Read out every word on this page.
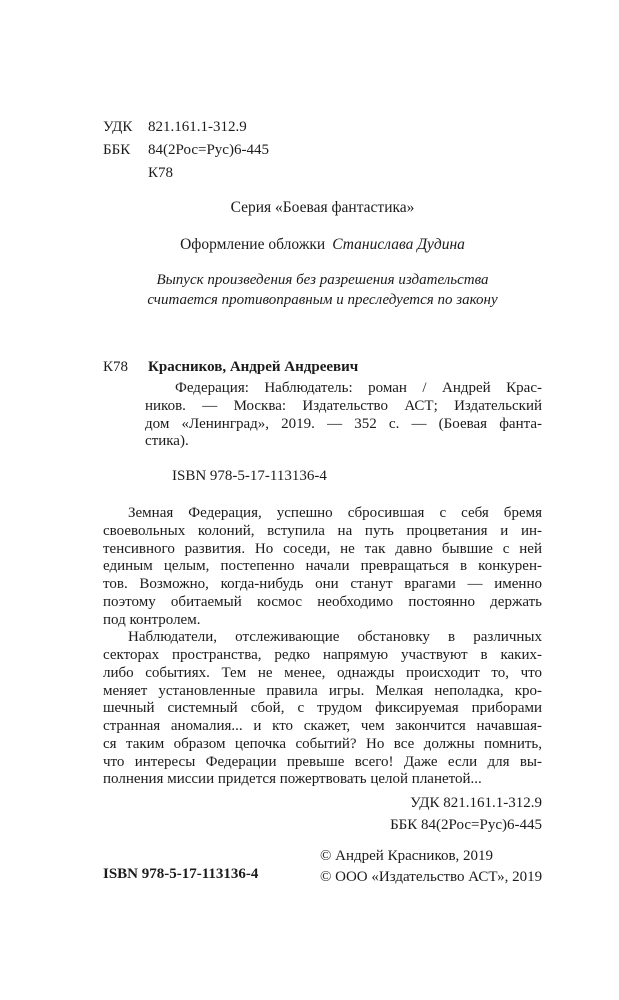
УДК	821.161.1-312.9
ББК	84(2Рос=Рус)6-445
К78
Серия «Боевая фантастика»
Оформление обложки Станислава Дудина
Выпуск произведения без разрешения издательства
считается противоправным и преследуется по закону
К78	Красников, Андрей Андреевич
Федерация: Наблюдатель: роман / Андрей Крас-
ников. — Москва: Издательство АСТ; Издательский
дом «Ленинград», 2019. — 352 с. — (Боевая фанта-
стика).
ISBN 978-5-17-113136-4
Земная Федерация, успешно сбросившая с себя бремя
своевольных колоний, вступила на путь процветания и ин-
тенсивного развития. Но соседи, не так давно бывшие с ней
единым целым, постепенно начали превращаться в конкурен-
тов. Возможно, когда-нибудь они станут врагами — именно
поэтому обитаемый космос необходимо постоянно держать
под контролем.
Наблюдатели, отслеживающие обстановку в различных
секторах пространства, редко напрямую участвуют в каких-
либо событиях. Тем не менее, однажды происходит то, что
меняет установленные правила игры. Мелкая неполадка, кро-
шечный системный сбой, с трудом фиксируемая приборами
странная аномалия... и кто скажет, чем закончится начавшая-
ся таким образом цепочка событий? Но все должны помнить,
что интересы Федерации превыше всего! Даже если для вы-
полнения миссии придется пожертвовать целой планетой...
УДК 821.161.1-312.9
ББК 84(2Рос=Рус)6-445
© Андрей Красников, 2019
© ООО «Издательство АСТ», 2019
ISBN 978-5-17-113136-4
